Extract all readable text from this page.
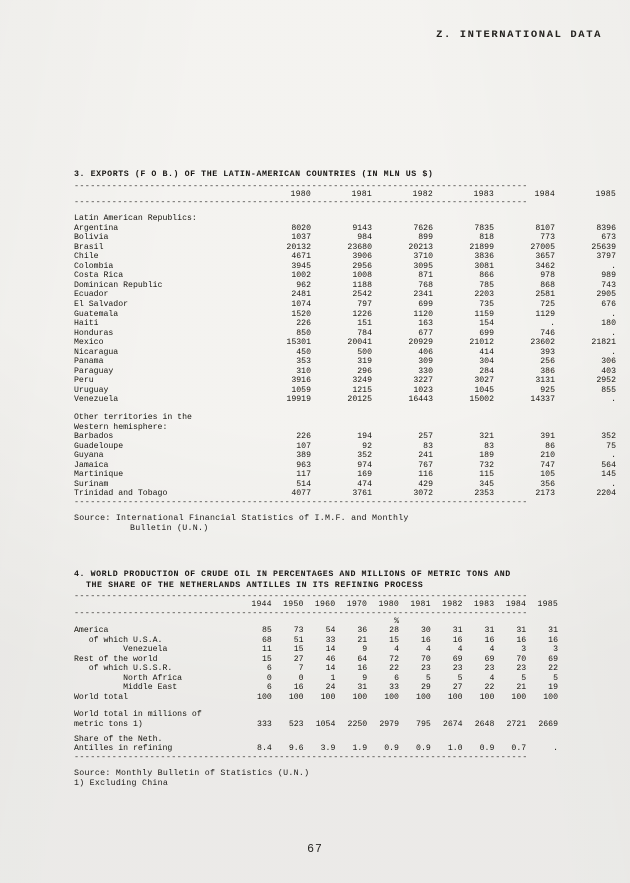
Z. INTERNATIONAL DATA
3. EXPORTS (F O B.) OF THE LATIN-AMERICAN COUNTRIES (IN MLN US $)
-----
	1980	1981	1982	1983	1984	1985
-----

Latin American Republics:						
Argentina	8020	9143	7626	7835	8107	8396
Bolivia	1037	984	899	818	773	673
Brasil	20132	23680	20213	21899	27005	25639
Chile	4671	3906	3710	3836	3657	3797
Colombia	3945	2956	3095	3081	3462	.
Costa Rica	1002	1008	871	866	978	989
Dominican Republic	962	1188	768	785	868	743
Ecuador	2481	2542	2341	2203	2581	2905
El Salvador	1074	797	699	735	725	676
Guatemala	1520	1226	1120	1159	1129	.
Haiti	226	151	163	154	.	180
Honduras	850	784	677	699	746	.
Mexico	15301	20041	20929	21012	23602	21821
Nicaragua	450	500	406	414	393	.
Panama	353	319	309	304	256	306
Paraguay	310	296	330	284	386	403
Peru	3916	3249	3227	3027	3131	2952
Uruguay	1059	1215	1023	1045	925	855
Venezuela	19919	20125	16443	15002	14337	.

Other territories in the						
Western hemisphere:						
Barbados	226	194	257	321	391	352
Guadeloupe	107	92	83	83	86	75
Guyana	389	352	241	189	210	.
Jamaica	963	974	767	732	747	564
Martinique	117	169	116	115	105	145
Surinam	514	474	429	345	356	.
Trinidad and Tobago	4077	3761	3072	2353	2173	2204
-----
Source: International Financial Statistics of I.M.F. and Monthly
Bulletin (U.N.)
4. WORLD PRODUCTION OF CRUDE OIL IN PERCENTAGES AND MILLIONS OF METRIC TONS AND
THE SHARE OF THE NETHERLANDS ANTILLES IN ITS REFINING PROCESS
-----
	1944	1950	1960	1970	1980	1981	1982	1983	1984	1985
-----
					%					
America	85	73	54	36	28	30	31	31	31	31
of which U.S.A.	68	51	33	21	15	16	16	16	16	16
Venezuela	11	15	14	9	4	4	4	4	3	3
Rest of the world	15	27	46	64	72	70	69	69	70	69
of which U.S.S.R.	6	7	14	16	22	23	23	23	23	22
North Africa	0	0	1	9	6	5	5	4	5	5
Middle East	6	16	24	31	33	29	27	22	21	19
World total	100	100	100	100	100	100	100	100	100	100

World total in millions of										
metric tons 1)	333	523	1054	2250	2979	795	2674	2648	2721	2669

Share of the Neth.										
Antilles in refining	8.4	9.6	3.9	1.9	0.9	0.9	1.0	0.9	0.7	.
-----
Source: Monthly Bulletin of Statistics (U.N.)
1) Excluding China
67
